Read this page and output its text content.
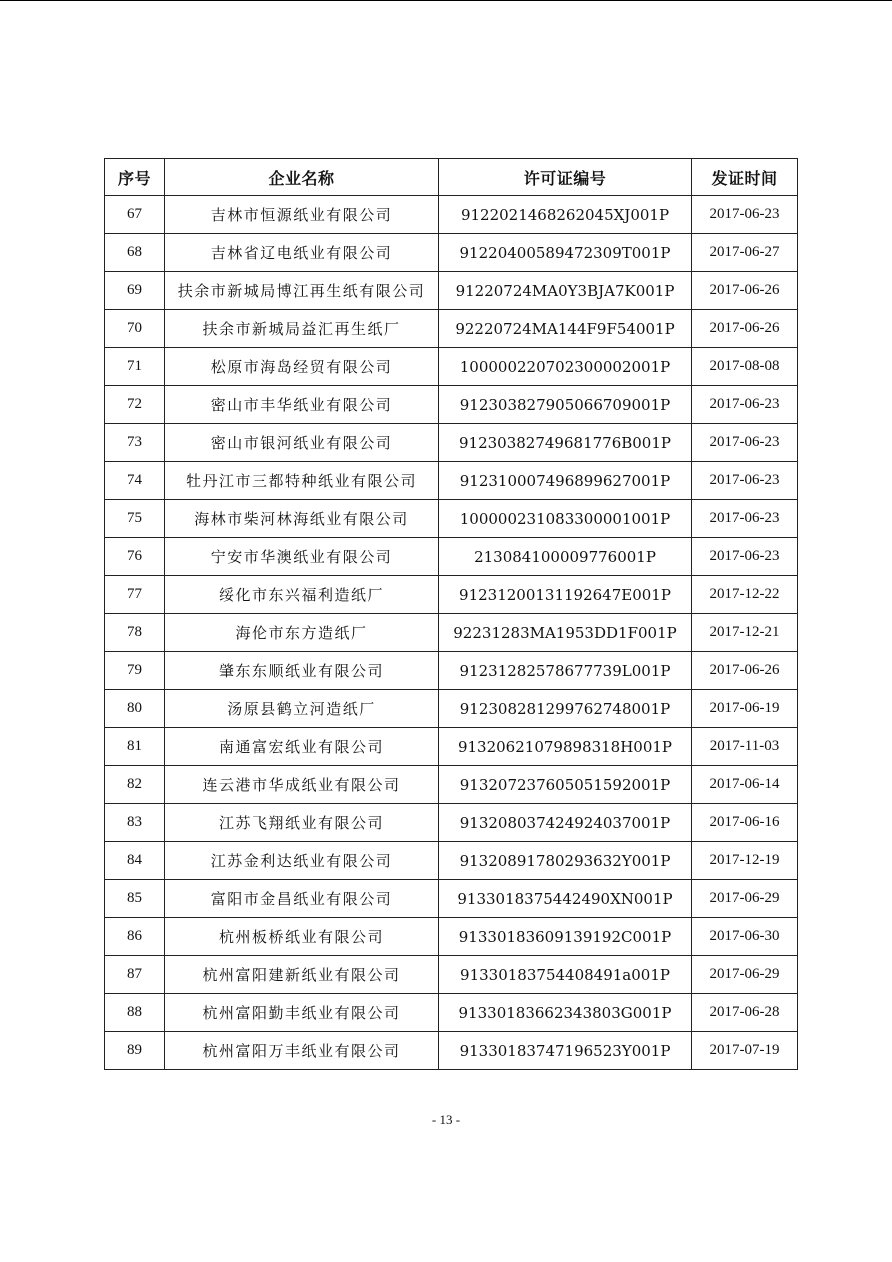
序号	企业名称	许可证编号	发证时间
67	吉林市恒源纸业有限公司	9122021468262045XJ001P	2017-06-23
68	吉林省辽电纸业有限公司	91220400589472309T001P	2017-06-27
69	扶余市新城局博江再生纸有限公司	91220724MA0Y3BJA7K001P	2017-06-26
70	扶余市新城局益汇再生纸厂	92220724MA144F9F54001P	2017-06-26
71	松原市海岛经贸有限公司	100000220702300002001P	2017-08-08
72	密山市丰华纸业有限公司	912303827905066709001P	2017-06-23
73	密山市银河纸业有限公司	91230382749681776B001P	2017-06-23
74	牡丹江市三都特种纸业有限公司	912310007496899627001P	2017-06-23
75	海林市柴河林海纸业有限公司	100000231083300001001P	2017-06-23
76	宁安市华澳纸业有限公司	213084100009776001P	2017-06-23
77	绥化市东兴福利造纸厂	91231200131192647E001P	2017-12-22
78	海伦市东方造纸厂	92231283MA1953DD1F001P	2017-12-21
79	肇东东顺纸业有限公司	91231282578677739L001P	2017-06-26
80	汤原县鹤立河造纸厂	912308281299762748001P	2017-06-19
81	南通富宏纸业有限公司	91320621079898318H001P	2017-11-03
82	连云港市华成纸业有限公司	913207237605051592001P	2017-06-14
83	江苏飞翔纸业有限公司	913208037424924037001P	2017-06-16
84	江苏金利达纸业有限公司	91320891780293632Y001P	2017-12-19
85	富阳市金昌纸业有限公司	9133018375442490XN001P	2017-06-29
86	杭州板桥纸业有限公司	91330183609139192C001P	2017-06-30
87	杭州富阳建新纸业有限公司	91330183754408491a001P	2017-06-29
88	杭州富阳勤丰纸业有限公司	91330183662343803G001P	2017-06-28
89	杭州富阳万丰纸业有限公司	91330183747196523Y001P	2017-07-19
- 13 -
